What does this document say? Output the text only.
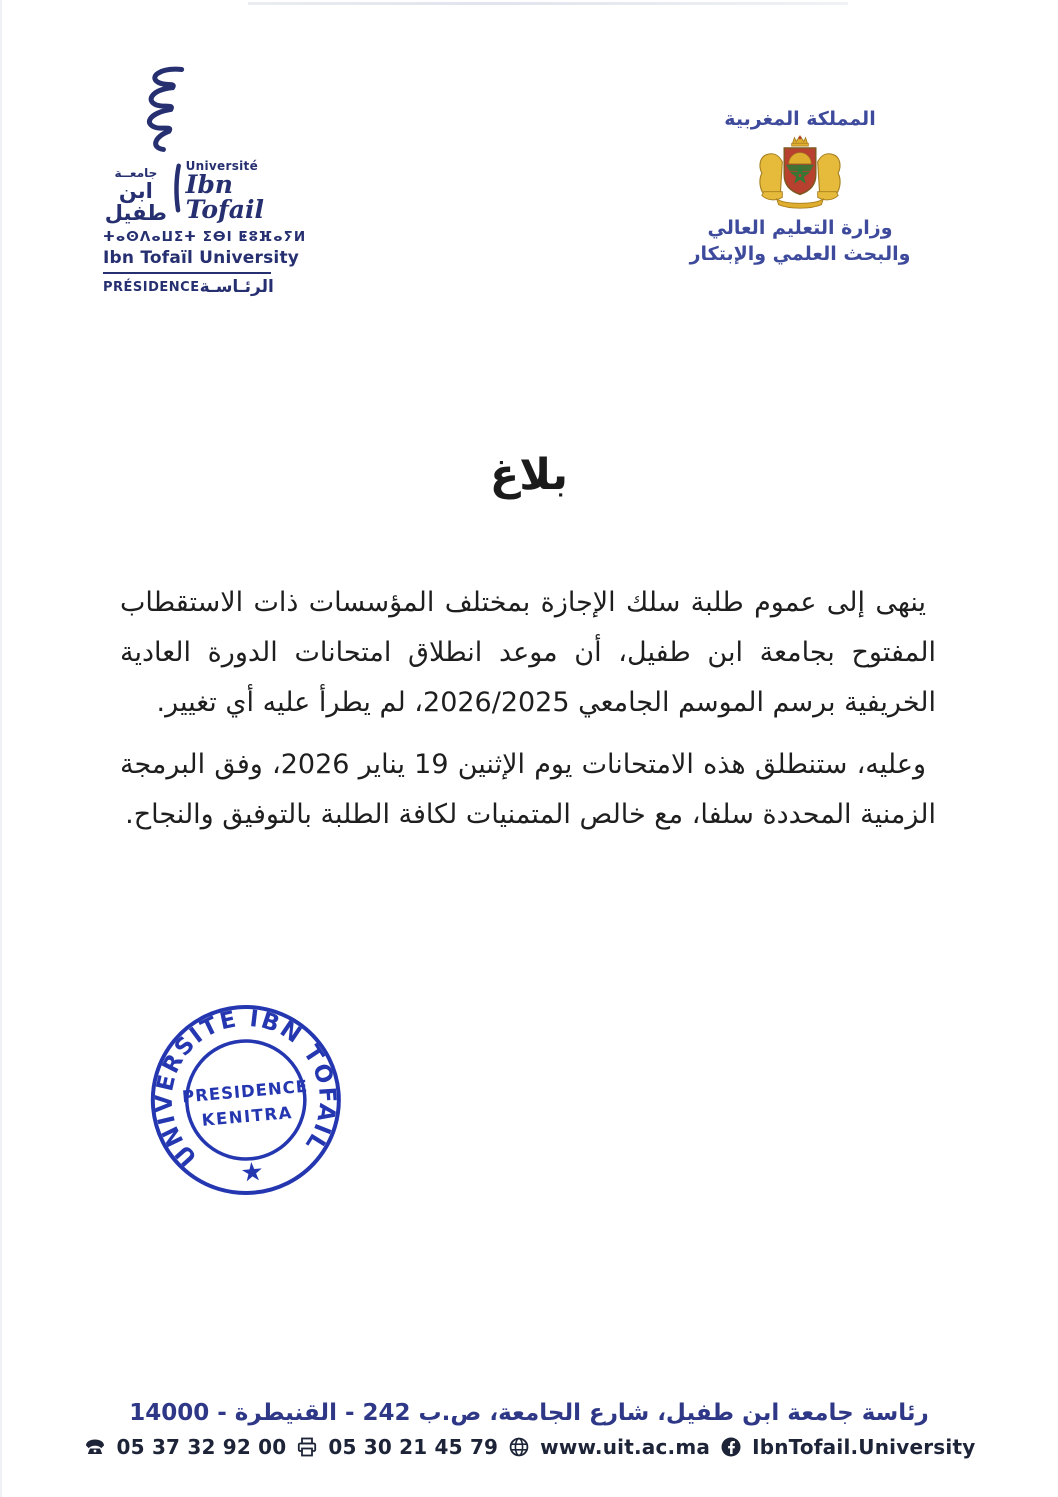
جامعــة
ابن طفيل
Université
Ibn Tofail
ⵜⴰⵙⴷⴰⵡⵉⵜ ⵉⴱⵏ ⵟⵓⴼⴰⵢⵍ
Ibn Tofaïl University
PRÉSIDENCE الرئـاسـة
المملكة المغربية
وزارة التعليم العالي
والبحث العلمي والإبتكار
بلاغ

ينهى إلى عموم طلبة سلك الإجازة بمختلف المؤسسات ذات الاستقطاب المفتوح بجامعة ابن طفيل، أن موعد انطلاق امتحانات الدورة العادية الخريفية برسم الموسم الجامعي 2026/2025، لم يطرأ عليه أي تغيير.

وعليه، ستنطلق هذه الامتحانات يوم الإثنين 19 يناير 2026، وفق البرمجة الزمنية المحددة سلفا، مع خالص المتمنيات لكافة الطلبة بالتوفيق والنجاح.

UNIVERSITE IBN TOFAIL
PRESIDENCE
KENITRA
★
رئاسة جامعة ابن طفيل، شارع الجامعة، ص.ب 242 - القنيطرة - 14000
05 37 32 92 00 05 30 21 45 79 www.uit.ac.ma IbnTofail.University
